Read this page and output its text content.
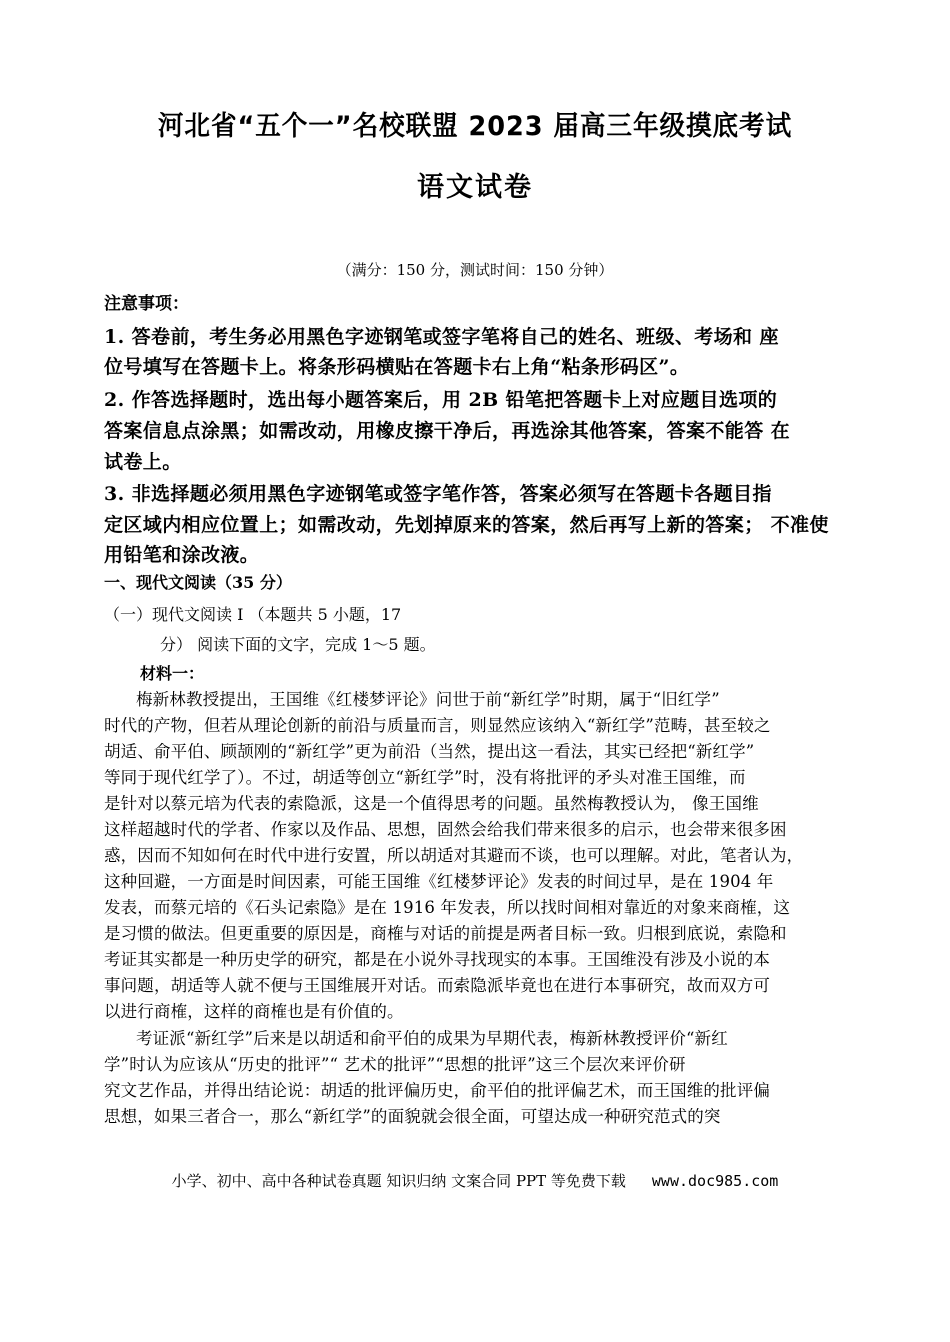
河北省“五个一”名校联盟 2023 届高三年级摸底考试
语文试卷
（满分：150 分，测试时间：150 分钟）
注意事项：
1. 答卷前，考生务必用黑色字迹钢笔或签字笔将自己的姓名、班级、考场和 座
位号填写在答题卡上。将条形码横贴在答题卡右上角“粘条形码区”。
2. 作答选择题时，选出每小题答案后，用 2B 铅笔把答题卡上对应题目选项的
答案信息点涂黑；如需改动，用橡皮擦干净后，再选涂其他答案，答案不能答 在
试卷上。
3. 非选择题必须用黑色字迹钢笔或签字笔作答，答案必须写在答题卡各题目指
定区域内相应位置上；如需改动，先划掉原来的答案，然后再写上新的答案； 不准使
用铅笔和涂改液。
一、现代文阅读（35 分）
（一）现代文阅读 I （本题共 5 小题，17
分） 阅读下面的文字，完成 1～5 题。
材料一：
梅新林教授提出，王国维《红楼梦评论》问世于前“新红学”时期，属于“旧红学”
时代的产物，但若从理论创新的前沿与质量而言，则显然应该纳入“新红学”范畴，甚至较之
胡适、俞平伯、顾颉刚的“新红学”更为前沿（当然，提出这一看法，其实已经把“新红学”
等同于现代红学了）。不过，胡适等创立“新红学”时，没有将批评的矛头对准王国维，而
是针对以蔡元培为代表的索隐派，这是一个值得思考的问题。虽然梅教授认为， 像王国维
这样超越时代的学者、作家以及作品、思想，固然会给我们带来很多的启示，也会带来很多困
惑，因而不知如何在时代中进行安置，所以胡适对其避而不谈，也可以理解。对此，笔者认为，
这种回避，一方面是时间因素，可能王国维《红楼梦评论》发表的时间过早，是在 1904 年
发表，而蔡元培的《石头记索隐》是在 1916 年发表，所以找时间相对靠近的对象来商榷，这
是习惯的做法。但更重要的原因是，商榷与对话的前提是两者目标一致。归根到底说，索隐和
考证其实都是一种历史学的研究，都是在小说外寻找现实的本事。王国维没有涉及小说的本
事问题，胡适等人就不便与王国维展开对话。而索隐派毕竟也在进行本事研究，故而双方可
以进行商榷，这样的商榷也是有价值的。
考证派“新红学”后来是以胡适和俞平伯的成果为早期代表，梅新林教授评价“新红
学”时认为应该从“历史的批评”“ 艺术的批评”“思想的批评”这三个层次来评价研
究文艺作品，并得出结论说：胡适的批评偏历史，俞平伯的批评偏艺术，而王国维的批评偏
思想，如果三者合一，那么“新红学”的面貌就会很全面，可望达成一种研究范式的突
小学、初中、高中各种试卷真题 知识归纳 文案合同 PPT 等免费下载 www.doc985.com
